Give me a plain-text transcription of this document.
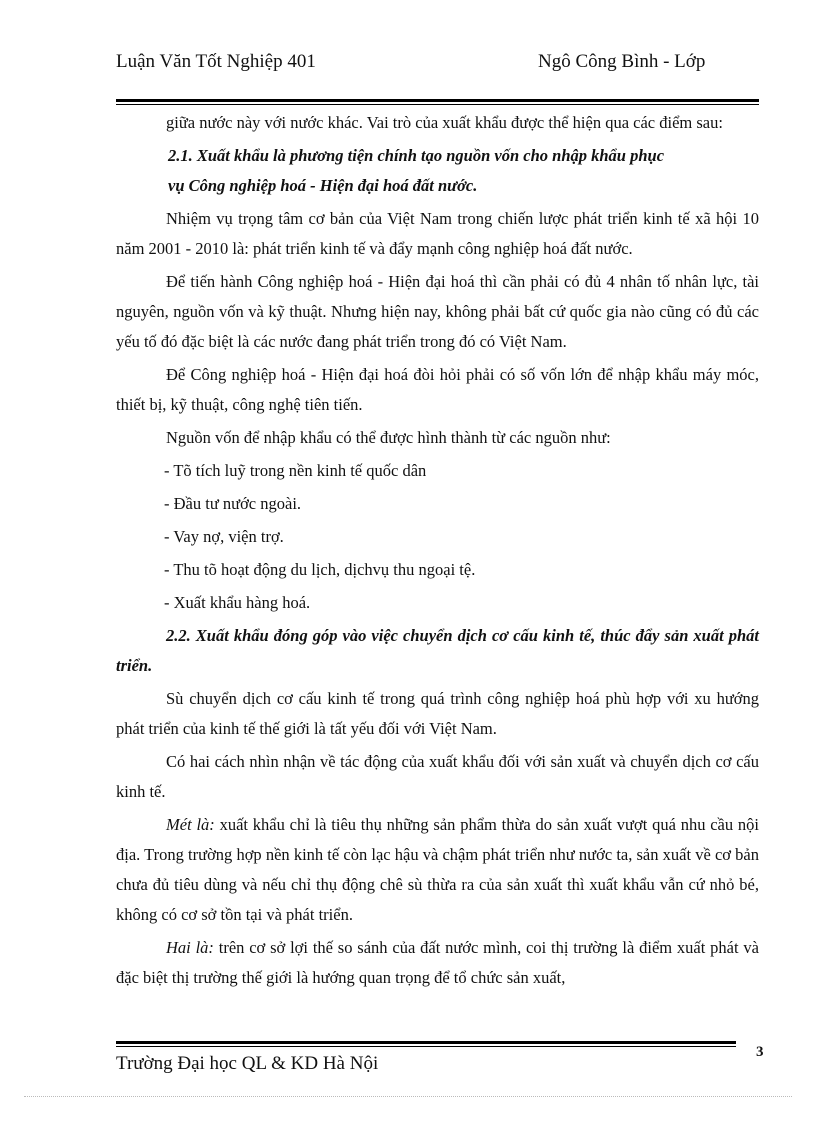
Luận Văn Tốt Nghiệp 401	Ngô Công Bình - Lớp

giữa nước này với nước khác. Vai trò của xuất khẩu được thể hiện qua các điểm sau:

2.1. Xuất khẩu là phương tiện chính tạo nguồn vốn cho nhập khẩu phục
vụ Công nghiệp hoá - Hiện đại hoá đất nước.

Nhiệm vụ trọng tâm cơ bản của Việt Nam trong chiến lược phát triển kinh tế xã hội 10 năm 2001 - 2010 là: phát triển kinh tế và đẩy mạnh công nghiệp hoá đất nước.

Để tiến hành Công nghiệp hoá - Hiện đại hoá thì cần phải có đủ 4 nhân tố nhân lực, tài nguyên, nguồn vốn và kỹ thuật. Nhưng hiện nay, không phải bất cứ quốc gia nào cũng có đủ các yếu tố đó đặc biệt là các nước đang phát triển trong đó có Việt Nam.

Để Công nghiệp hoá - Hiện đại hoá đòi hỏi phải có số vốn lớn để nhập khẩu máy móc, thiết bị, kỹ thuật, công nghệ tiên tiến.

Nguồn vốn để nhập khẩu có thể được hình thành từ các nguồn như:

- Tõ tích luỹ trong nền kinh tế quốc dân

- Đầu tư nước ngoài.

- Vay nợ, viện trợ.

- Thu tõ hoạt động du lịch, dịchvụ thu ngoại tệ.

- Xuất khẩu hàng hoá.

2.2. Xuất khẩu đóng góp vào việc chuyển dịch cơ cấu kinh tế, thúc đẩy sản xuất phát triển.

Sù chuyển dịch cơ cấu kinh tế trong quá trình công nghiệp hoá phù hợp với xu hướng phát triển của kinh tế thế giới là tất yếu đối với Việt Nam.

Có hai cách nhìn nhận về tác động của xuất khẩu đối với sản xuất và chuyển dịch cơ cấu kinh tế.

Mét là: xuất khẩu chỉ là tiêu thụ những sản phẩm thừa do sản xuất vượt quá nhu cầu nội địa. Trong trường hợp nền kinh tế còn lạc hậu và chậm phát triển như nước ta, sản xuất về cơ bản chưa đủ tiêu dùng và nếu chỉ thụ động chê sù thừa ra của sản xuất thì xuất khẩu vẫn cứ nhỏ bé, không có cơ sở tồn tại và phát triển.

Hai là: trên cơ sở lợi thế so sánh của đất nước mình, coi thị trường là điểm xuất phát và đặc biệt thị trường thế giới là hướng quan trọng để tổ chức sản xuất,

Trường Đại học QL & KD Hà Nội
3
